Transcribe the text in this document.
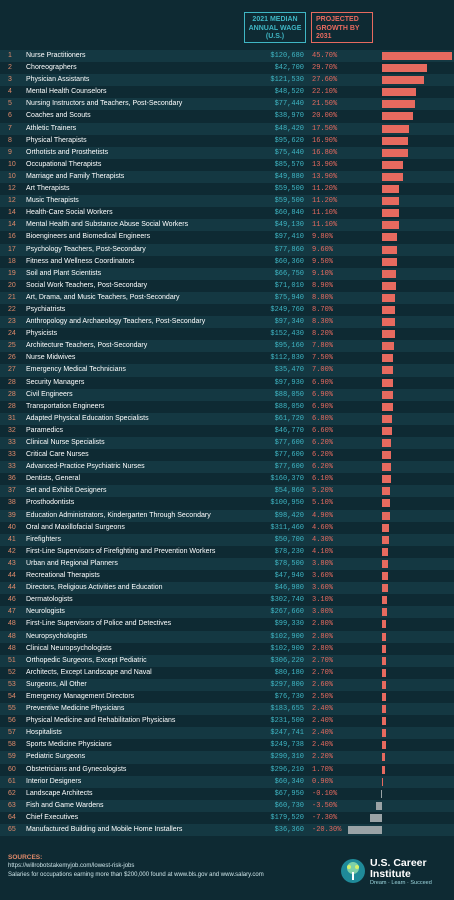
2021 MEDIAN
ANNUAL WAGE
(U.S.)
PROJECTED
GROWTH BY
2031
1	Nurse Practitioners	$120,680 45.70%
2	Choreographers	$42,700 29.70%
3	Physician Assistants	$121,530 27.60%
4	Mental Health Counselors	$48,520 22.10%
5	Nursing Instructors and Teachers, Post-Secondary	$77,440 21.50%
6	Coaches and Scouts	$38,970 20.00%
7	Athletic Trainers	$48,420 17.50%
8	Physical Therapists	$95,620 16.90%
9	Orthotists and Prosthetists	$75,440 16.80%
10	Occupational Therapists	$85,570 13.90%
10	Marriage and Family Therapists	$49,880 13.90%
12	Art Therapists	$59,500 11.20%
12	Music Therapists	$59,500 11.20%
14	Health-Care Social Workers	$60,840 11.10%
14	Mental Health and Substance Abuse Social Workers	$49,130 11.10%
16	Bioengineers and Biomedical Engineers	$97,410 9.80%
17	Psychology Teachers, Post-Secondary	$77,860 9.60%
18	Fitness and Wellness Coordinators	$60,360 9.50%
19	Soil and Plant Scientists	$66,750 9.10%
20	Social Work Teachers, Post-Secondary	$71,010 8.90%
21	Art, Drama, and Music Teachers, Post-Secondary	$75,940 8.80%
22	Psychiatrists	$249,760 8.70%
23	Anthropology and Archaeology Teachers, Post-Secondary	$97,340 8.30%
24	Physicists	$152,430 8.20%
25	Architecture Teachers, Post-Secondary	$95,160 7.80%
26	Nurse Midwives	$112,830 7.50%
27	Emergency Medical Technicians	$35,470 7.00%
28	Security Managers	$97,930 6.90%
28	Civil Engineers	$88,050 6.90%
28	Transportation Engineers	$88,050 6.90%
31	Adapted Physical Education Specialists	$61,720 6.80%
32	Paramedics	$46,770 6.60%
33	Clinical Nurse Specialists	$77,600 6.20%
33	Critical Care Nurses	$77,600 6.20%
33	Advanced-Practice Psychiatric Nurses	$77,600 6.20%
36	Dentists, General	$160,370 6.10%
37	Set and Exhibit Designers	$54,860 5.20%
38	Prosthodontists	$100,950 5.10%
39	Education Administrators, Kindergarten Through Secondary	$98,420 4.90%
40	Oral and Maxillofacial Surgeons	$311,460 4.60%
41	Firefighters	$50,700 4.30%
42	First-Line Supervisors of Firefighting and Prevention Workers	$78,230 4.10%
43	Urban and Regional Planners	$78,500 3.80%
44	Recreational Therapists	$47,940 3.60%
44	Directors, Religious Activities and Education	$46,980 3.60%
46	Dermatologists	$302,740 3.10%
47	Neurologists	$267,660 3.00%
48	First-Line Supervisors of Police and Detectives	$99,330 2.80%
48	Neuropsychologists	$102,900 2.80%
48	Clinical Neuropsychologists	$102,900 2.80%
51	Orthopedic Surgeons, Except Pediatric	$306,220 2.70%
52	Architects, Except Landscape and Naval	$80,180 2.70%
53	Surgeons, All Other	$297,800 2.60%
54	Emergency Management Directors	$76,730 2.50%
55	Preventive Medicine Physicians	$183,655 2.40%
56	Physical Medicine and Rehabilitation Physicians	$231,500 2.40%
57	Hospitalists	$247,741 2.40%
58	Sports Medicine Physicians	$249,738 2.40%
59	Pediatric Surgeons	$290,310 2.20%
60	Obstetricians and Gynecologists	$296,210 1.70%
61	Interior Designers	$60,340 0.90%
62	Landscape Architects	$67,950 -0.10%
63	Fish and Game Wardens	$60,730 -3.50%
64	Chief Executives	$179,520 -7.30%
65	Manufactured Building and Mobile Home Installers	$36,360 -20.30%
SOURCES:
https://willrobotstakemyjob.com/lowest-risk-jobs
Salaries for occupations earning more than $200,000 found at www.bls.gov and www.salary.com
U.S. Career
Institute
Dream · Learn · Succeed
